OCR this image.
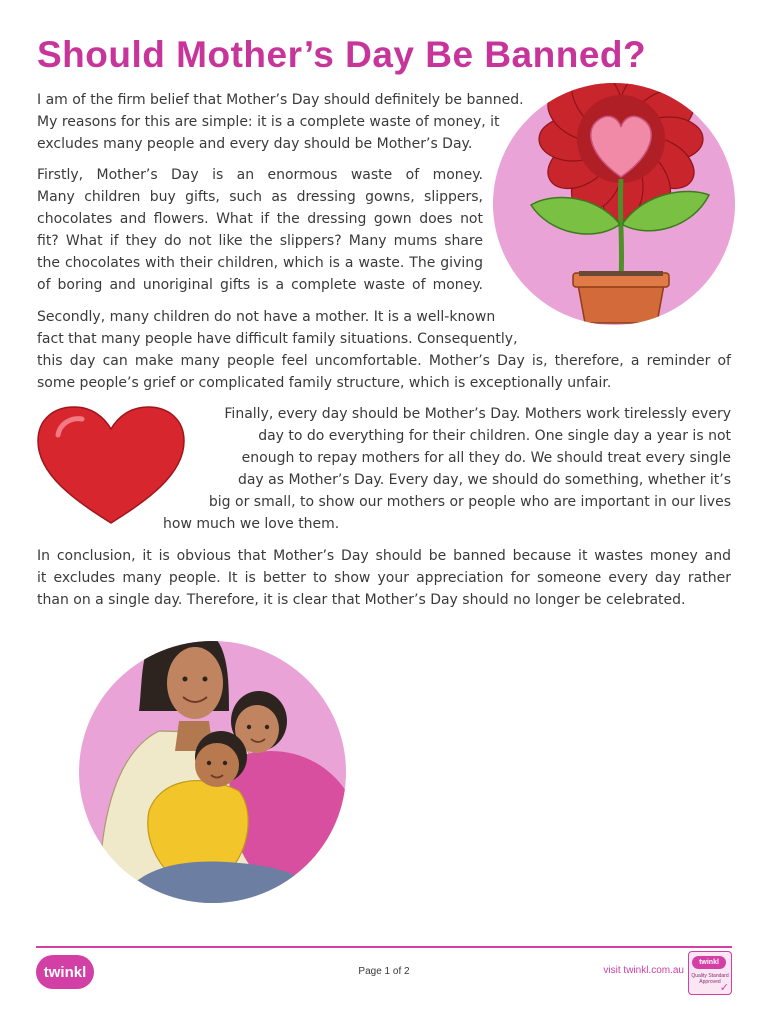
Should Mother’s Day Be Banned?
I am of the firm belief that Mother’s Day should definitely be banned.
My reasons for this are simple: it is a complete waste of money, it
excludes many people and every day should be Mother’s Day.
Firstly, Mother’s Day is an enormous waste of money.
Many children buy gifts, such as dressing gowns, slippers,
chocolates and flowers. What if the dressing gown does not
fit? What if they do not like the slippers? Many mums share
the chocolates with their children, which is a waste. The giving
of boring and unoriginal gifts is a complete waste of money.
Secondly, many children do not have a mother. It is a well-known
fact that many people have difficult family situations. Consequently,
this day can make many people feel uncomfortable. Mother’s Day is, therefore, a reminder of
some people’s grief or complicated family structure, which is exceptionally unfair.
Finally, every day should be Mother’s Day. Mothers work tirelessly every
day to do everything for their children. One single day a year is not
enough to repay mothers for all they do. We should treat every single
day as Mother’s Day. Every day, we should do something, whether it’s
big or small, to show our mothers or people who are important in our lives
how much we love them.
In conclusion, it is obvious that Mother’s Day should be banned because it wastes money and
it excludes many people. It is better to show your appreciation for someone every day rather
than on a single day. Therefore, it is clear that Mother’s Day should no longer be celebrated.
twinkl	Page 1 of 2	visit twinkl.com.au
twinkl
Quality Standard Approved ✓
